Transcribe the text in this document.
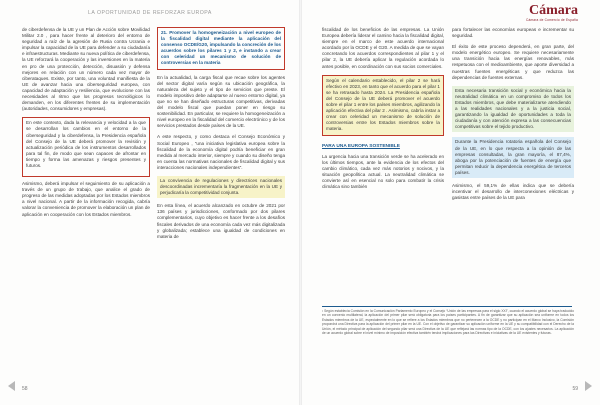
LA OPORTUNIDAD DE REFORZAR EUROPA	Cámara
Cámara de Comercio de España

de ciberdefensa de la UE y un Plan de Acción sobre Movilidad Militar 2.0 , para hacer frente al deterioro del entorno de seguridad a raíz de la agresión de Rusia contra Ucrania e impulsar la capacidad de la UE para defender a su ciudadanía e infraestructuras. Mediante su nueva política de ciberdefensa, la UE reforzará la cooperación y las inversiones en la materia en pro de una protección, detección, disuasión y defensa mejores en relación con un número cada vez mayor de ciberataques. Existe, por tanto, una voluntad manifiesta de la UE de avanzar hacia una ciberseguridad europea, con capacidad de adaptación y resiliencia, que evolucione con las necesidades al ritmo que los progresos tecnológicos lo demanden, en los diferentes frentes de su implementación (autoridades, consumidores y empresas).

En este contexto, dada la relevancia y velocidad a la que se desarrollan los cambios en el entorno de la ciberseguridad y la ciberdefensa, la Presidencia española del Consejo de la UE deberá promover la revisión y actualización periódica de los instrumentos desarrollados para tal fin, de modo que sean capaces de afrontar en tiempo y forma las amenazas y riesgos presentes y futuros.

Asimismo, deberá impulsar el seguimiento de su aplicación a través de un grupo de trabajo, que analice el grado de progreso de las medidas adoptadas por los Estados miembros a nivel nacional. A partir de la información recogida, cabría valorar la conveniencia de promover la elaboración un plan de aplicación en cooperación con los Estados miembros.

21. Promover la homogeneización a nivel europeo de la fiscalidad digital mediante la aplicación del consenso OCDE/G20, impulsando la concreción de los acuerdos sobre los pilares 1 y 2, e instando a crear con celeridad un mecanismo de solución de controversias en la materia

En la actualidad, la carga fiscal que recae sobre los agentes del sector digital varía según su ubicación geográfica, la naturaleza del sujeto y el tipo de servicios que preste. El modelo impositivo debe adaptarse al nuevo entorno digital, ya que no se han diseñado estructuras competitivas, derivadas del modelo fiscal que puedan poner en riesgo su sostenibilidad. En particular, se requiere la homogeneización a nivel europeo en la fiscalidad del comercio electrónico y de los servicios prestados desde países de la UE.

A este respecto, y como destaca el Consejo Económico y Social Europeo , “una iniciativa legislativa europea sobre la fiscalidad de la economía digital podría beneficiar en gran medida al mercado interior, siempre y cuando su diseño tenga en cuenta las normativas nacionales de fiscalidad digital y sus interacciones nacionales independientes”.

La convivencia de regulaciones y directrices nacionales descoordinadas incrementaría la fragmentación en la UE y perjudicaría la competitividad conjunta.

En esta línea, el acuerdo alcanzado en octubre de 2021 por 136 países y jurisdicciones, conformado por dos pilares complementarios, cuyo objetivo es hacer frente a los desafíos fiscales derivados de una economía cada vez más digitalizada y globalizada; establece una igualdad de condiciones en materia de

fiscalidad de los beneficios de las empresas. La Unión Europea debería liderar el camino hacia la fiscalidad digital, siempre en el marco de este acuerdo internacional acordado por la OCDE y el G20. A medida de que se vayan concretando los acuerdos correspondientes al pilar 1 y el pilar 2, la UE debería aplicar la regulación acordada lo antes posible, en coordinación con sus socios comerciales.

Según el calendario establecido, el pilar 2 se hará efectivo en 2023, en tanto que el acuerdo para el pilar 1 se ha retrasado hasta 2024. La Presidencia española del Consejo de la UE deberá promover el acuerdo sobre el pilar 1 entre los países miembros, agilizando la aplicación efectiva del pilar 2 . Asimismo, cabría instar a crear con celeridad un mecanismo de solución de controversias entre los Estados miembros sobre la materia.
PARA UNA EUROPA SOSTENIBLE

La urgencia hacia una transición verde se ha acelerado en los últimos tiempos, ante la evidencia de los efectos del cambio climático, cada vez más notorios y nocivos, y la situación geopolítica actual. La neutralidad climática se convierte así en esencial no solo para combatir la crisis climática sino también

para fortalecer las economías europeas e incrementar su seguridad.

El éxito de este proceso dependerá, en gran parte, del modelo energético europeo. Se requiere necesariamente una transición hacia las energías renovables, más respetuosa con el medioambiente, que aporte diversidad a nuestras fuentes energéticas y que reduzca las dependencias de fuentes externas.

Esta necesaria transición social y económica hacia la neutralidad climática en un compromiso de todos los Estados miembros, que debe materializarse atendiendo a las realidades nacionales y a la justicia social, garantizando la igualdad de oportunidades a toda la ciudadanía y con atención expresa a las consecuencias competitivas sobre el tejido productivo.
Durante la Presidencia rotatoria española del Consejo de la UE, en lo que respecta a la opinión de las empresas consultadas, la gran mayoría, el 87,4%, aboga por la potenciación de fuentes de energía que permitan reducir la dependencia energética de terceros países.

Asimismo, el 59,1% de ellas indica que se debería incentivar el desarrollo de interconexiones eléctricas y gasistas entre países de la UE para

¹ Según establecía Comisión en la Comunicación Parlamento Europeo y el Consejo “Unión de las empresas para el siglo XXI”, cuando el acuerdo global se haya traducido en un convenio multilateral, la aplicación del primer pilar será obligatoria para los países participantes. A fin de garantizar que su aplicación sea uniforme en todos los Estados miembros de la UE, especialmente en lo que se refiere a los Estados miembros que no pertenecen a la OCDE y no participan en el Marco Inclusivo, la Comisión propondrá una Directiva para la aplicación del primer pilar en la UE. Con el objetivo de garantizar su aplicación uniforme en la UE y su compatibilidad con el Derecho de la Unión, el método principal de aplicación del segundo pilar será una Directiva de la UE que reflejará las normas tipo de la OCDE, con los ajustes necesarios. La aplicación de un acuerdo global sobre el nivel mínimo de imposición efectiva también tendrá implicaciones para las Directivas e iniciativas de la UE existentes y futuras.
58	59
